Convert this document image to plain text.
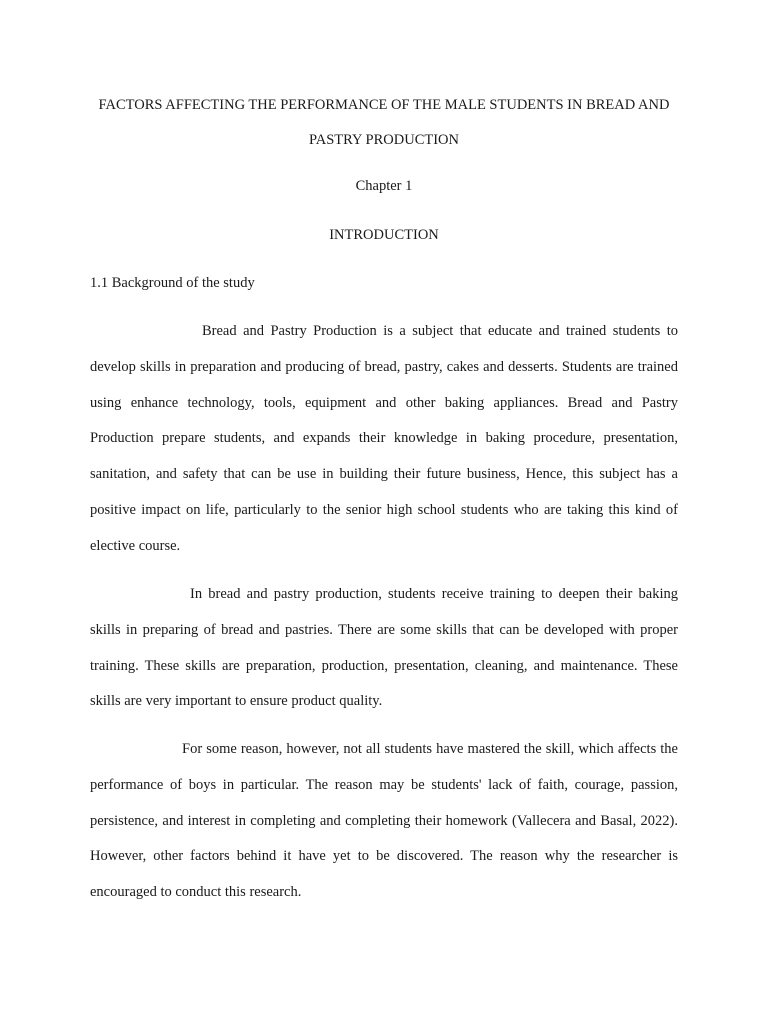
FACTORS AFFECTING THE PERFORMANCE OF THE MALE STUDENTS IN BREAD AND PASTRY PRODUCTION
Chapter 1
INTRODUCTION
1.1 Background of the study

Bread and Pastry Production is a subject that educate and trained students to develop skills in preparation and producing of bread, pastry, cakes and desserts. Students are trained using enhance technology, tools, equipment and other baking appliances. Bread and Pastry Production prepare students, and expands their knowledge in baking procedure, presentation, sanitation, and safety that can be use in building their future business, Hence, this subject has a positive impact on life, particularly to the senior high school students who are taking this kind of elective course.

In bread and pastry production, students receive training to deepen their baking skills in preparing of bread and pastries. There are some skills that can be developed with proper training. These skills are preparation, production, presentation, cleaning, and maintenance. These skills are very important to ensure product quality.

For some reason, however, not all students have mastered the skill, which affects the performance of boys in particular. The reason may be students' lack of faith, courage, passion, persistence, and interest in completing and completing their homework (Vallecera and Basal, 2022). However, other factors behind it have yet to be discovered. The reason why the researcher is encouraged to conduct this research.
